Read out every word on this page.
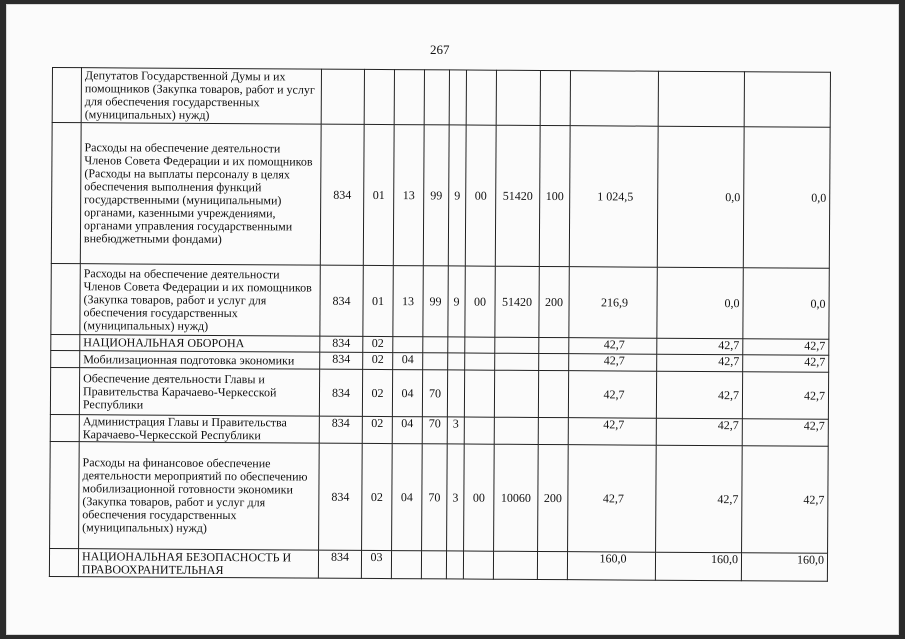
267
	Депутатов Государственной Думы и их помощников (Закупка товаров, работ и услуг для обеспечения государственных (муниципальных) нужд)											
	Расходы на обеспечение деятельности Членов Совета Федерации и их помощников (Расходы на выплаты персоналу в целях обеспечения выполнения функций государственными (муниципальными) органами, казенными учреждениями, органами управления государственными внебюджетными фондами)	834	01	13	99	9	00	51420	100	1 024,5	0,0	0,0
	Расходы на обеспечение деятельности Членов Совета Федерации и их помощников (Закупка товаров, работ и услуг для обеспечения государственных (муниципальных) нужд)	834	01	13	99	9	00	51420	200	216,9	0,0	0,0
	НАЦИОНАЛЬНАЯ ОБОРОНА	834	02							42,7	42,7	42,7
	Мобилизационная подготовка экономики	834	02	04						42,7	42,7	42,7
	Обеспечение деятельности Главы и Правительства Карачаево-Черкесской Республики	834	02	04	70					42,7	42,7	42,7
	Администрация Главы и Правительства Карачаево-Черкесской Республики	834	02	04	70	3				42,7	42,7	42,7
	Расходы на финансовое обеспечение деятельности мероприятий по обеспечению мобилизационной готовности экономики (Закупка товаров, работ и услуг для обеспечения государственных (муниципальных) нужд)	834	02	04	70	3	00	10060	200	42,7	42,7	42,7
	НАЦИОНАЛЬНАЯ БЕЗОПАСНОСТЬ И ПРАВООХРАНИТЕЛЬНАЯ	834	03							160,0	160,0	160,0
